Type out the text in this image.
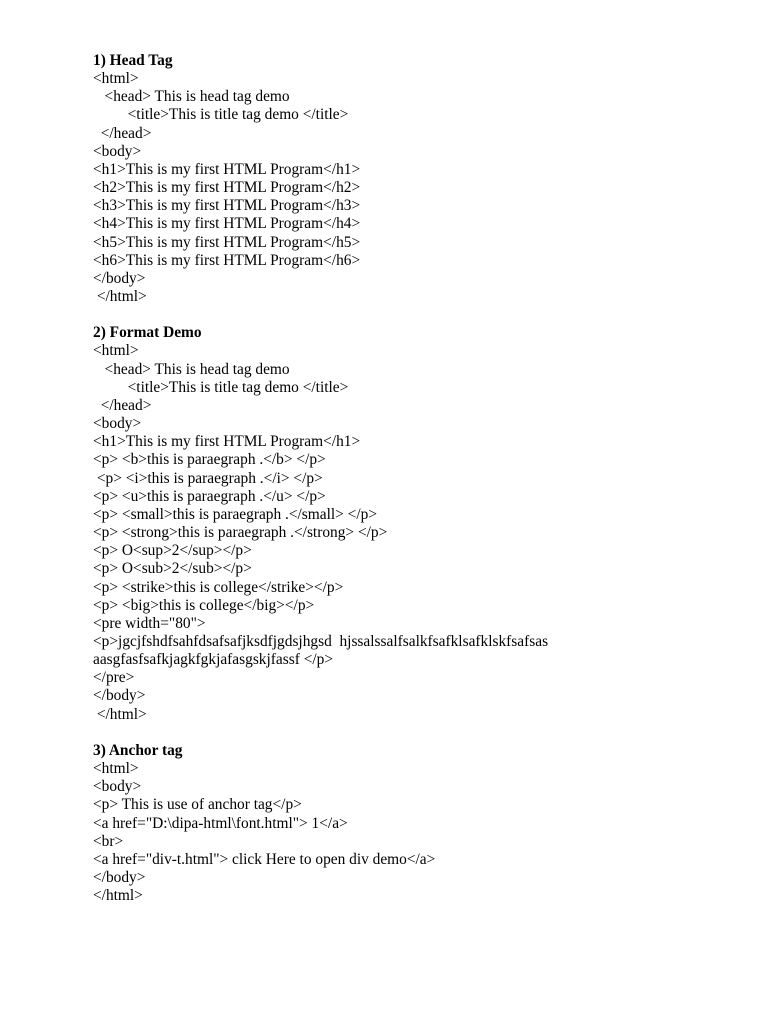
1) Head Tag
<html>
<head> This is head tag demo
<title>This is title tag demo </title>
</head>
<body>
<h1>This is my first HTML Program</h1>
<h2>This is my first HTML Program</h2>
<h3>This is my first HTML Program</h3>
<h4>This is my first HTML Program</h4>
<h5>This is my first HTML Program</h5>
<h6>This is my first HTML Program</h6>
</body>
</html>
2) Format Demo
<html>
<head> This is head tag demo
<title>This is title tag demo </title>
</head>
<body>
<h1>This is my first HTML Program</h1>
<p> <b>this is paraegraph .</b> </p>
<p> <i>this is paraegraph .</i> </p>
<p> <u>this is paraegraph .</u> </p>
<p> <small>this is paraegraph .</small> </p>
<p> <strong>this is paraegraph .</strong> </p>
<p> O<sup>2</sup></p>
<p> O<sub>2</sub></p>
<p> <strike>this is college</strike></p>
<p> <big>this is college</big></p>
<pre width="80">
<p>jgcjfshdfsahfdsafsafjksdfjgdsjhgsd  hjssalssalfsalkfsafklsafklskfsafsas
aasgfasfsafkjagkfgkjafasgskjfassf </p>
</pre>
</body>
</html>
3) Anchor tag
<html>
<body>
<p> This is use of anchor tag</p>
<a href="D:\dipa-html\font.html"> 1</a>
<br>
<a href="div-t.html"> click Here to open div demo</a>
</body>
</html>
